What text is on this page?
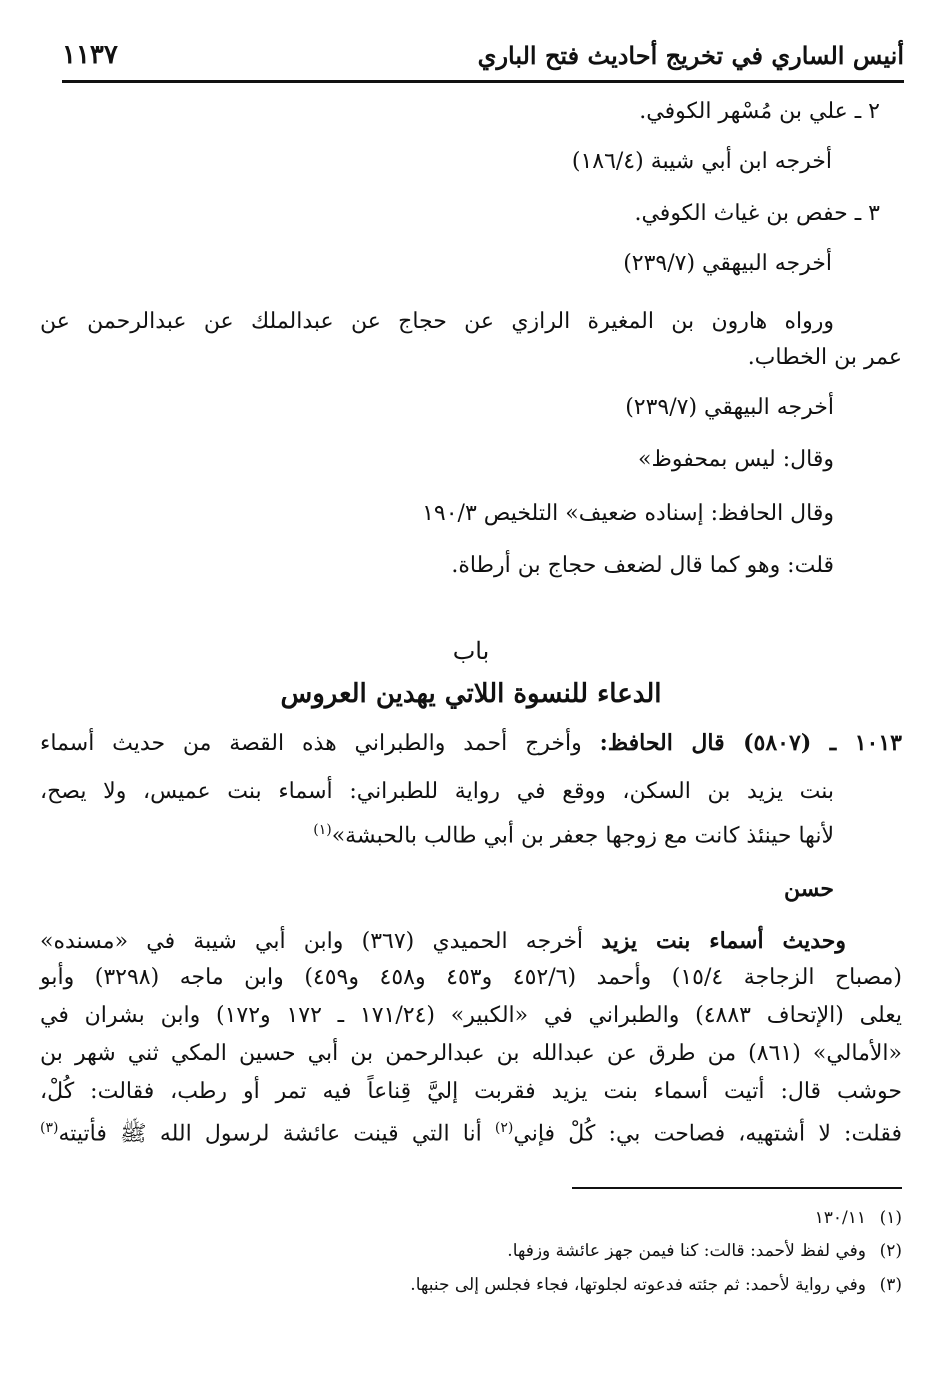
١١٣٧	أنيس الساري في تخريج أحاديث فتح الباري
٢ ـ علي بن مُسْهر الكوفي.
أخرجه ابن أبي شيبة (١٨٦/٤)
٣ ـ حفص بن غياث الكوفي.
أخرجه البيهقي (٢٣٩/٧)
ورواه هارون بن المغيرة الرازي عن حجاج عن عبدالملك عن عبدالرحمن عن
عمر بن الخطاب.
أخرجه البيهقي (٢٣٩/٧)
وقال: ليس بمحفوظ»
وقال الحافظ: إسناده ضعيف» التلخيص ١٩٠/٣
قلت: وهو كما قال لضعف حجاج بن أرطاة.
باب
الدعاء للنسوة اللاتي يهدين العروس
١٠١٣ ـ (٥٨٠٧) قال الحافظ: وأخرج أحمد والطبراني هذه القصة من حديث أسماء
بنت يزيد بن السكن، ووقع في رواية للطبراني: أسماء بنت عميس، ولا يصح،
لأنها حينئذ كانت مع زوجها جعفر بن أبي طالب بالحبشة»$^{(١)}$
حسن
وحديث أسماء بنت يزيد أخرجه الحميدي (٣٦٧) وابن أبي شيبة في «مسنده»
(مصباح الزجاجة ١٥/٤) وأحمد (٤٥٢/٦ و٤٥٣ و٤٥٨ و٤٥٩) وابن ماجه (٣٢٩٨) وأبو
يعلى (الإتحاف ٤٨٨٣) والطبراني في «الكبير» (١٧١/٢٤ ـ ١٧٢ و١٧٢) وابن بشران في
«الأمالي» (٨٦١) من طرق عن عبدالله بن عبدالرحمن بن أبي حسين المكي ثني شهر بن
حوشب قال: أتيت أسماء بنت يزيد فقربت إليَّ قِناعاً فيه تمر أو رطب، فقالت: كُلْ،
فقلت: لا أشتهيه، فصاحت بي: كُلْ فإني$^{(٢)}$ أنا التي قينت عائشة لرسول الله ﷺ فأتيته$^{(٣)}$
(١)١٣٠/١١
(٢)وفي لفظ لأحمد: قالت: كنا فيمن جهز عائشة وزفها.
(٣)وفي رواية لأحمد: ثم جئته فدعوته لجلوتها، فجاء فجلس إلى جنبها.
